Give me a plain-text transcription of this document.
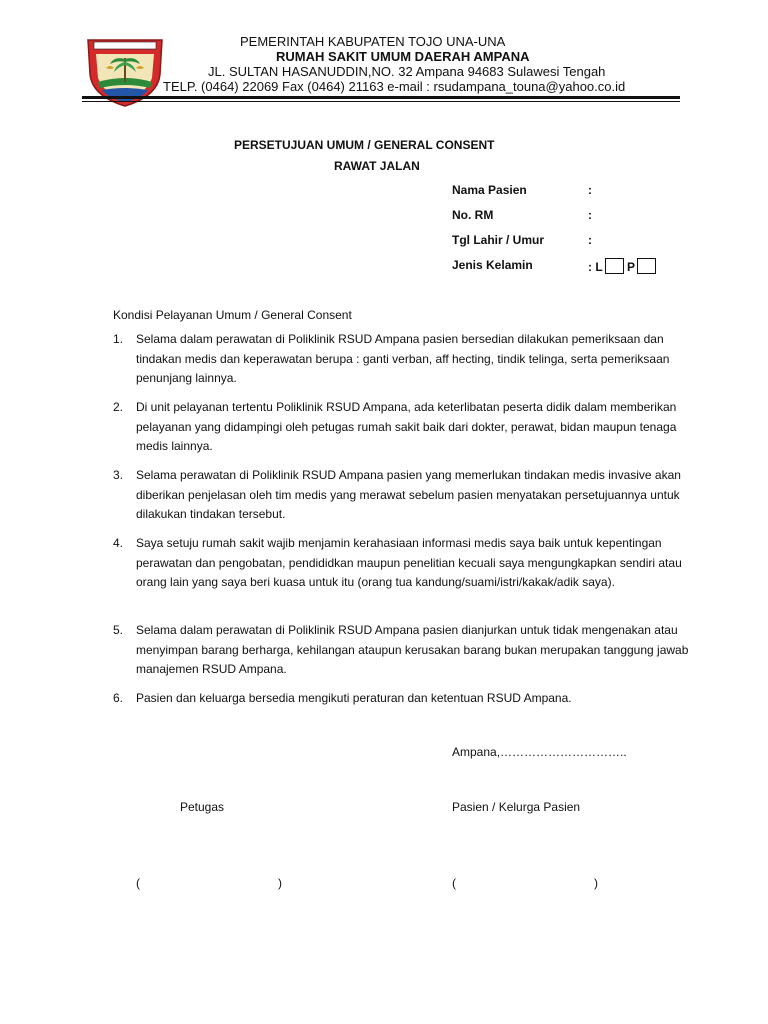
PEMERINTAH KABUPATEN TOJO UNA-UNA
RUMAH SAKIT UMUM DAERAH AMPANA
JL. SULTAN HASANUDDIN,NO. 32 Ampana 94683 Sulawesi Tengah
TELP. (0464) 22069 Fax (0464) 21163 e-mail : rsudampana_touna@yahoo.co.id
PERSETUJUAN UMUM / GENERAL CONSENT
RAWAT JALAN
Nama Pasien	:
No. RM	:
Tgl Lahir / Umur	:
Jenis Kelamin	: L P
Kondisi Pelayanan Umum / General Consent
1. Selama dalam perawatan di Poliklinik RSUD Ampana pasien bersedian dilakukan pemeriksaan dan tindakan medis dan keperawatan berupa : ganti verban, aff hecting, tindik telinga, serta pemeriksaan penunjang lainnya.
2. Di unit pelayanan tertentu Poliklinik RSUD Ampana, ada keterlibatan peserta didik dalam memberikan pelayanan yang didampingi oleh petugas rumah sakit baik dari dokter, perawat, bidan maupun tenaga medis lainnya.
3. Selama perawatan di Poliklinik RSUD Ampana pasien yang memerlukan tindakan medis invasive akan diberikan penjelasan oleh tim medis yang merawat sebelum pasien menyatakan persetujuannya untuk dilakukan tindakan tersebut.
4. Saya setuju rumah sakit wajib menjamin kerahasiaan informasi medis saya baik untuk kepentingan perawatan dan pengobatan, pendididkan maupun penelitian kecuali saya mengungkapkan sendiri atau orang lain yang saya beri kuasa untuk itu (orang tua kandung/suami/istri/kakak/adik saya).
5. Selama dalam perawatan di Poliklinik RSUD Ampana pasien dianjurkan untuk tidak mengenakan atau menyimpan barang berharga, kehilangan ataupun kerusakan barang bukan merupakan tanggung jawab manajemen RSUD Ampana.
6. Pasien dan keluarga bersedia mengikuti peraturan dan ketentuan RSUD Ampana.
Ampana,…………………………..
Petugas	Pasien / Kelurga Pasien
(	)	(	)
